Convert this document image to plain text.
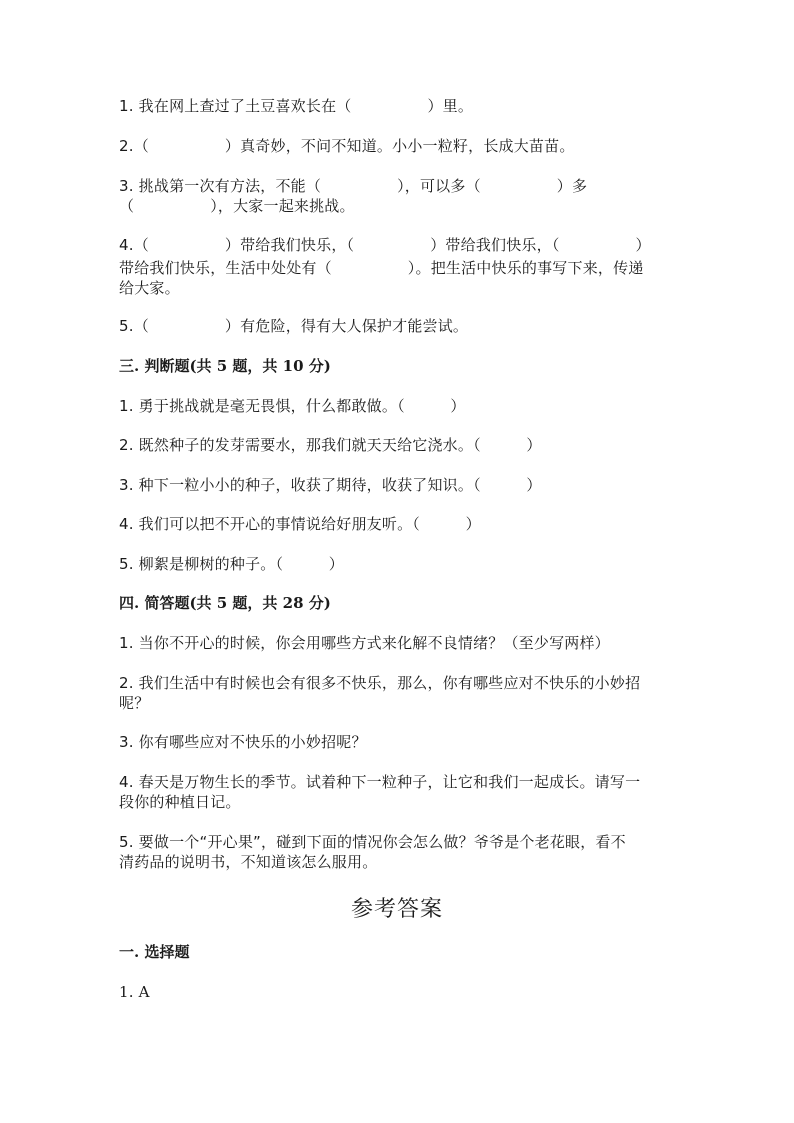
1. 我在网上查过了土豆喜欢长在（　　　　　）里。
2.（　　　　　）真奇妙，不问不知道。小小一粒籽，长成大苗苗。
3. 挑战第一次有方法，不能（　　　　　），可以多（　　　　　）多
（　　　　　），大家一起来挑战。
4.（　　　　　）带给我们快乐，（　　　　　）带给我们快乐，（　　　　　）
带给我们快乐，生活中处处有（　　　　　）。把生活中快乐的事写下来，传递
给大家。
5.（　　　　　）有危险，得有大人保护才能尝试。
三. 判断题(共 5 题，共 10 分)
1. 勇于挑战就是毫无畏惧，什么都敢做。（　　　）
2. 既然种子的发芽需要水，那我们就天天给它浇水。（　　　）
3. 种下一粒小小的种子，收获了期待，收获了知识。（　　　）
4. 我们可以把不开心的事情说给好朋友听。（　　　）
5. 柳絮是柳树的种子。（　　　）
四. 简答题(共 5 题，共 28 分)
1. 当你不开心的时候，你会用哪些方式来化解不良情绪？（至少写两样）
2. 我们生活中有时候也会有很多不快乐，那么，你有哪些应对不快乐的小妙招
呢？
3. 你有哪些应对不快乐的小妙招呢？
4. 春天是万物生长的季节。试着种下一粒种子，让它和我们一起成长。请写一
段你的种植日记。
5. 要做一个“开心果”，碰到下面的情况你会怎么做？爷爷是个老花眼，看不
清药品的说明书，不知道该怎么服用。
参考答案
一. 选择题
1. A
